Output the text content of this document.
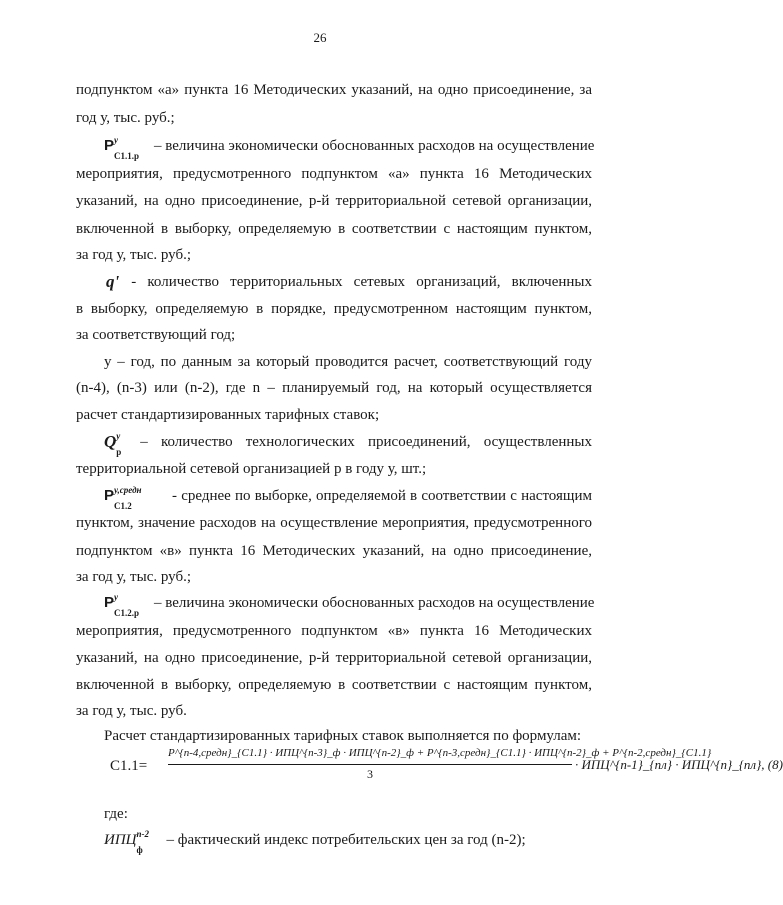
26
подпунктом «а» пункта 16 Методических указаний, на одно присоединение, за
год у, тыс. руб.;
P у
C1.1.p
– величина экономически обоснованных расходов на осуществление
мероприятия, предусмотренного подпунктом «а» пункта 16 Методических
указаний, на одно присоединение, р-й территориальной сетевой организации,
включенной в выборку, определяемую в соответствии с настоящим пунктом,
за год у, тыс. руб.;
q' - количество территориальных сетевых организаций, включенных
в выборку, определяемую в порядке, предусмотренном настоящим пунктом,
за соответствующий год;
у – год, по данным за который проводится расчет, соответствующий году
(n-4), (n-3) или (n-2), где n – планируемый год, на который осуществляется
расчет стандартизированных тарифных ставок;
Q у
p
– количество технологических присоединений, осуществленных
территориальной сетевой организацией р в году у, шт.;
P у,средн
C1.2
- среднее по выборке, определяемой в соответствии с настоящим
пунктом, значение расходов на осуществление мероприятия, предусмотренного
подпунктом «в» пункта 16 Методических указаний, на одно присоединение,
за год у, тыс. руб.;
P у
C1.2.p
– величина экономически обоснованных расходов на осуществление
мероприятия, предусмотренного подпунктом «в» пункта 16 Методических
указаний, на одно присоединение, р-й территориальной сетевой организации,
включенной в выборку, определяемую в соответствии с настоящим пунктом,
за год у, тыс. руб.
Расчет стандартизированных тарифных ставок выполняется по формулам:
C1.1=
P^{n-4,средн}_{C1.1} · ИПЦ^{n-3}_ф · ИПЦ^{n-2}_ф + P^{n-3,средн}_{C1.1} · ИПЦ^{n-2}_ф + P^{n-2,средн}_{C1.1}
3
· ИПЦ^{n-1}_{пл} · ИПЦ^{n}_{пл}, (8)
где:
ИПЦ n-2
ф
– фактический индекс потребительских цен за год (n-2);
